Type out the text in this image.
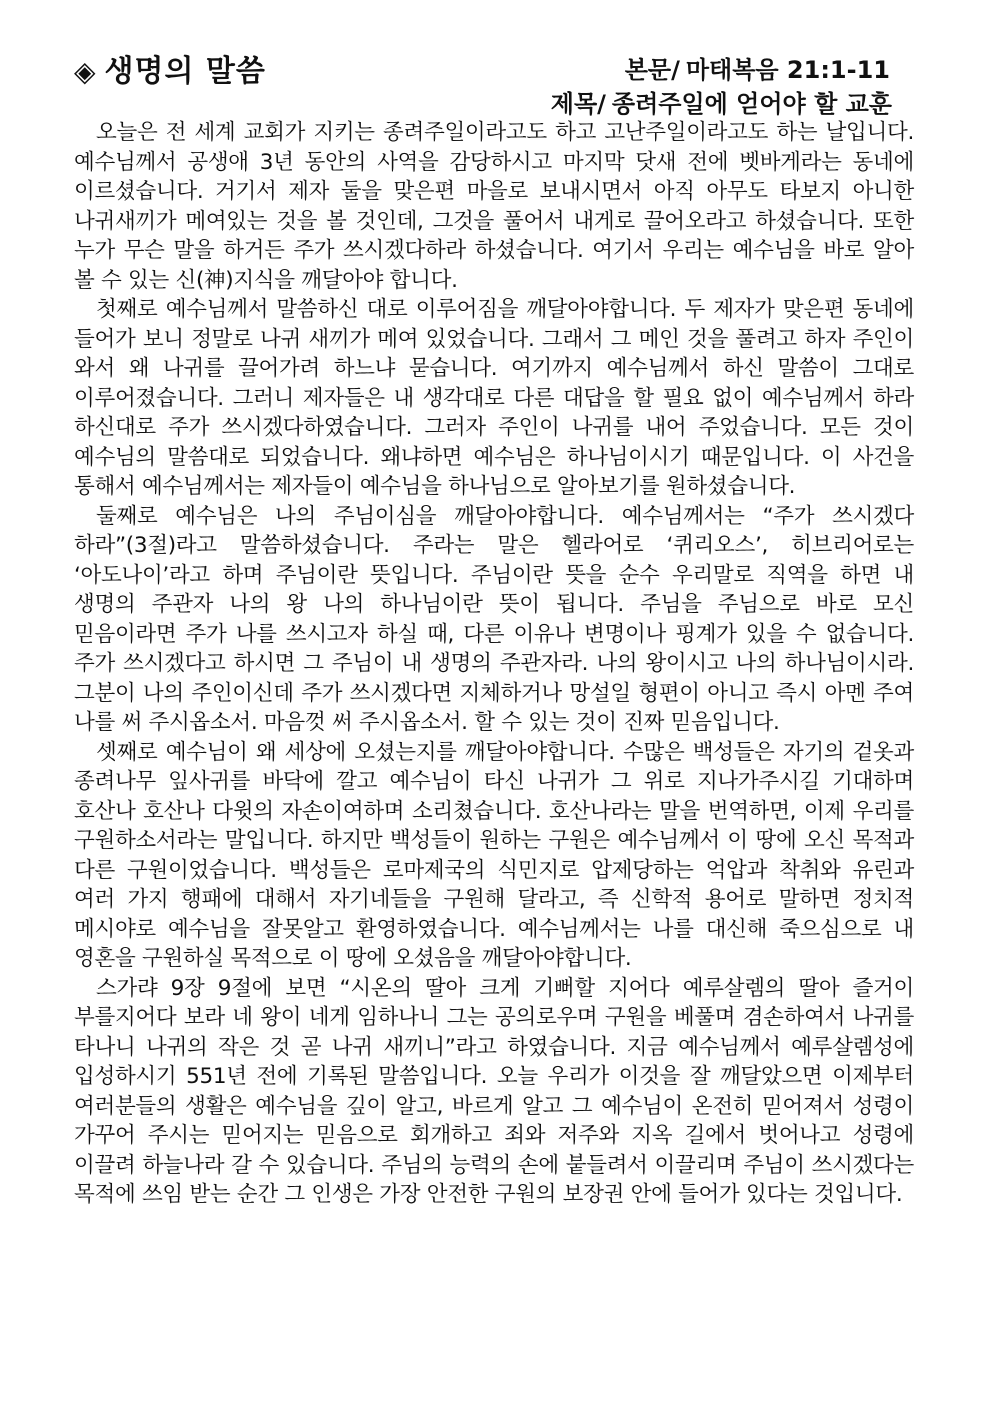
◈ 생명의 말씀	본문/ 마태복음 21:1-11
제목/ 종려주일에 얻어야 할 교훈

오늘은 전 세계 교회가 지키는 종려주일이라고도 하고 고난주일이라고도 하는 날입니다. 예수님께서 공생애 3년 동안의 사역을 감당하시고 마지막 닷새 전에 벳바게라는 동네에 이르셨습니다. 거기서 제자 둘을 맞은편 마을로 보내시면서 아직 아무도 타보지 아니한 나귀새끼가 메여있는 것을 볼 것인데, 그것을 풀어서 내게로 끌어오라고 하셨습니다. 또한 누가 무슨 말을 하거든 주가 쓰시겠다하라 하셨습니다. 여기서 우리는 예수님을 바로 알아 볼 수 있는 신(神)지식을 깨달아야 합니다.

첫째로 예수님께서 말씀하신 대로 이루어짐을 깨달아야합니다. 두 제자가 맞은편 동네에 들어가 보니 정말로 나귀 새끼가 메여 있었습니다. 그래서 그 메인 것을 풀려고 하자 주인이 와서 왜 나귀를 끌어가려 하느냐 묻습니다. 여기까지 예수님께서 하신 말씀이 그대로 이루어졌습니다. 그러니 제자들은 내 생각대로 다른 대답을 할 필요 없이 예수님께서 하라 하신대로 주가 쓰시겠다하였습니다. 그러자 주인이 나귀를 내어 주었습니다. 모든 것이 예수님의 말씀대로 되었습니다. 왜냐하면 예수님은 하나님이시기 때문입니다. 이 사건을 통해서 예수님께서는 제자들이 예수님을 하나님으로 알아보기를 원하셨습니다.

둘째로 예수님은 나의 주님이심을 깨달아야합니다. 예수님께서는 “주가 쓰시겠다 하라”(3절)라고 말씀하셨습니다. 주라는 말은 헬라어로 ‘퀴리오스’, 히브리어로는 ‘아도나이’라고 하며 주님이란 뜻입니다. 주님이란 뜻을 순수 우리말로 직역을 하면 내 생명의 주관자 나의 왕 나의 하나님이란 뜻이 됩니다. 주님을 주님으로 바로 모신 믿음이라면 주가 나를 쓰시고자 하실 때, 다른 이유나 변명이나 핑계가 있을 수 없습니다. 주가 쓰시겠다고 하시면 그 주님이 내 생명의 주관자라. 나의 왕이시고 나의 하나님이시라. 그분이 나의 주인이신데 주가 쓰시겠다면 지체하거나 망설일 형편이 아니고 즉시 아멘 주여 나를 써 주시옵소서. 마음껏 써 주시옵소서. 할 수 있는 것이 진짜 믿음입니다.

셋째로 예수님이 왜 세상에 오셨는지를 깨달아야합니다. 수많은 백성들은 자기의 겉옷과 종려나무 잎사귀를 바닥에 깔고 예수님이 타신 나귀가 그 위로 지나가주시길 기대하며 호산나 호산나 다윗의 자손이여하며 소리쳤습니다. 호산나라는 말을 번역하면, 이제 우리를 구원하소서라는 말입니다. 하지만 백성들이 원하는 구원은 예수님께서 이 땅에 오신 목적과 다른 구원이었습니다. 백성들은 로마제국의 식민지로 압제당하는 억압과 착취와 유린과 여러 가지 행패에 대해서 자기네들을 구원해 달라고, 즉 신학적 용어로 말하면 정치적 메시야로 예수님을 잘못알고 환영하였습니다. 예수님께서는 나를 대신해 죽으심으로 내 영혼을 구원하실 목적으로 이 땅에 오셨음을 깨달아야합니다.

스가랴 9장 9절에 보면 “시온의 딸아 크게 기뻐할 지어다 예루살렘의 딸아 즐거이 부를지어다 보라 네 왕이 네게 임하나니 그는 공의로우며 구원을 베풀며 겸손하여서 나귀를 타나니 나귀의 작은 것 곧 나귀 새끼니”라고 하였습니다. 지금 예수님께서 예루살렘성에 입성하시기 551년 전에 기록된 말씀입니다. 오늘 우리가 이것을 잘 깨달았으면 이제부터 여러분들의 생활은 예수님을 깊이 알고, 바르게 알고 그 예수님이 온전히 믿어져서 성령이 가꾸어 주시는 믿어지는 믿음으로 회개하고 죄와 저주와 지옥 길에서 벗어나고 성령에 이끌려 하늘나라 갈 수 있습니다. 주님의 능력의 손에 붙들려서 이끌리며 주님이 쓰시겠다는 목적에 쓰임 받는 순간 그 인생은 가장 안전한 구원의 보장권 안에 들어가 있다는 것입니다.
